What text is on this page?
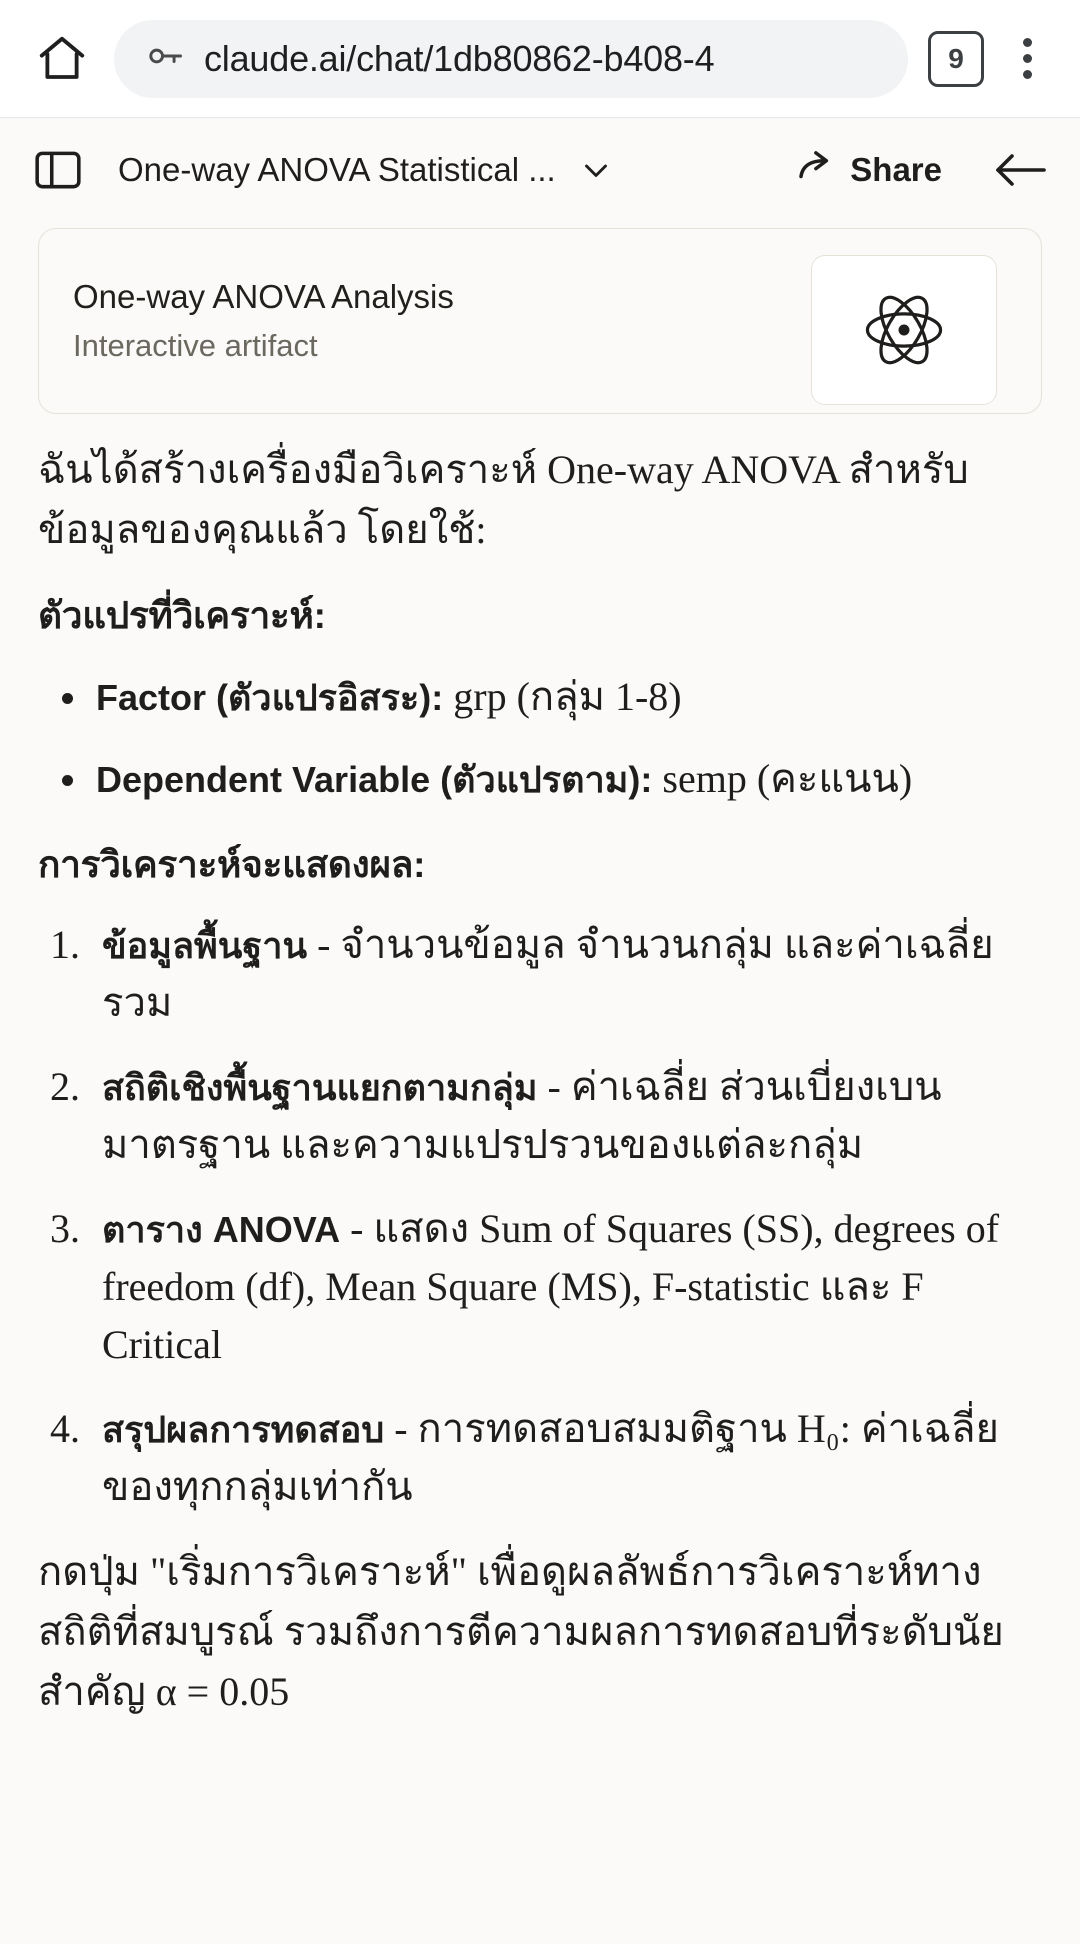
claude.ai/chat/1db80862-b408-4	9
One-way ANOVA Statistical ...	Share
One-way ANOVA Analysis
Interactive artifact
ฉันได้สร้างเครื่องมือวิเคราะห์ One-way ANOVA สำหรับข้อมูลของคุณแล้ว โดยใช้:
ตัวแปรที่วิเคราะห์:
Factor (ตัวแปรอิสระ): grp (กลุ่ม 1-8)
Dependent Variable (ตัวแปรตาม): semp (คะแนน)
การวิเคราะห์จะแสดงผล:
ข้อมูลพื้นฐาน - จำนวนข้อมูล จำนวนกลุ่ม และค่าเฉลี่ยรวม
สถิติเชิงพื้นฐานแยกตามกลุ่ม - ค่าเฉลี่ย ส่วนเบี่ยงเบนมาตรฐาน และความแปรปรวนของแต่ละกลุ่ม
ตาราง ANOVA - แสดง Sum of Squares (SS), degrees of freedom (df), Mean Square (MS), F-statistic และ F Critical
สรุปผลการทดสอบ - การทดสอบสมมติฐาน H₀: ค่าเฉลี่ยของทุกกลุ่มเท่ากัน
กดปุ่ม "เริ่มการวิเคราะห์" เพื่อดูผลลัพธ์การวิเคราะห์ทางสถิติที่สมบูรณ์ รวมถึงการตีความผลการทดสอบที่ระดับนัยสำคัญ α = 0.05
